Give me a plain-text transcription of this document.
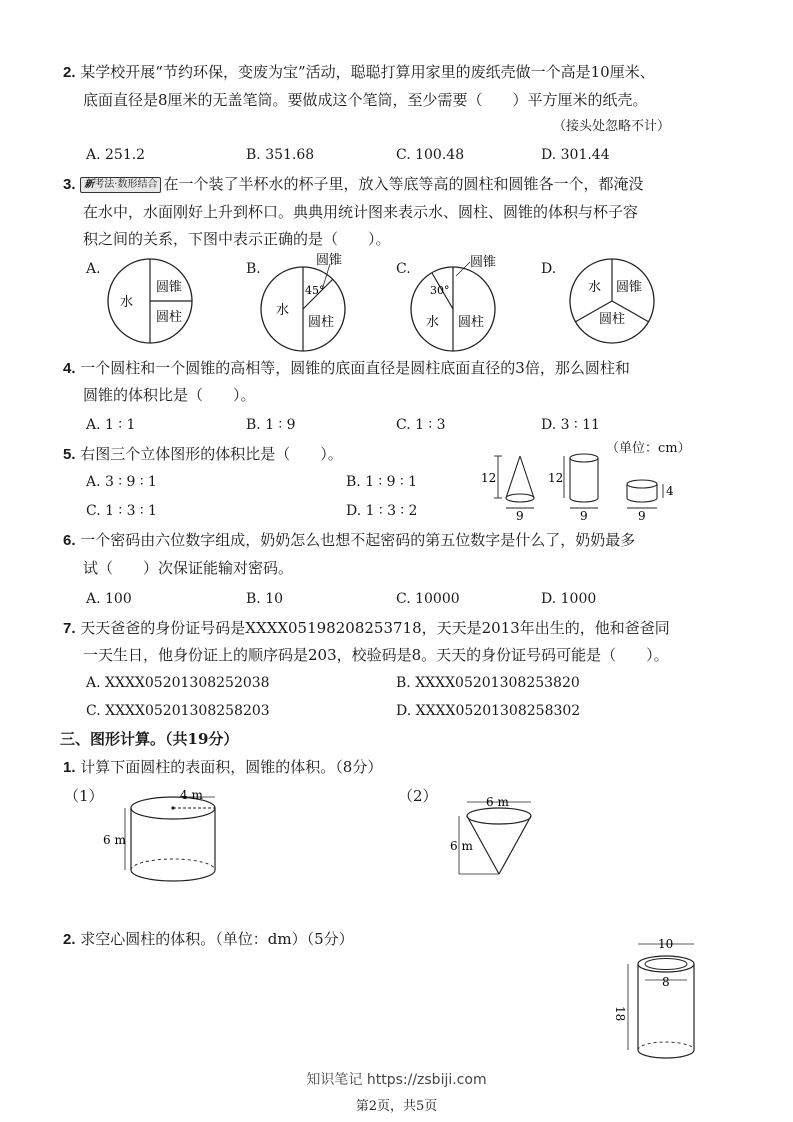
2. 某学校开展“节约环保，变废为宝”活动，聪聪打算用家里的废纸壳做一个高是10厘米、
底面直径是8厘米的无盖笔筒。要做成这个笔筒，至少需要（　　）平方厘米的纸壳。
（接头处忽略不计）
A. 251.2	B. 351.68	C. 100.48	D. 301.44
3. 新考法·数形结合 在一个装了半杯水的杯子里，放入等底等高的圆柱和圆锥各一个，都淹没
在水中，水面刚好上升到杯口。典典用统计图来表示水、圆柱、圆锥的体积与杯子容
积之间的关系，下图中表示正确的是（　　）。
A.	B.	C.	D.
水
圆锥
圆柱
圆锥
45°
水
圆柱
圆锥
30°
水 圆柱
水 圆锥
圆柱
4. 一个圆柱和一个圆锥的高相等，圆锥的底面直径是圆柱底面直径的3倍，那么圆柱和
圆锥的体积比是（　　）。
A. 1 ∶ 1	B. 1 ∶ 9	C. 1 ∶ 3	D. 3 ∶ 11
5. 右图三个立体图形的体积比是（　　）。
A. 3 ∶ 9 ∶ 1	B. 1 ∶ 9 ∶ 1
C. 1 ∶ 3 ∶ 1	D. 1 ∶ 3 ∶ 2
（单位：cm）
12
9
12
9
4
9
6. 一个密码由六位数字组成，奶奶怎么也想不起密码的第五位数字是什么了，奶奶最多
试（　　）次保证能输对密码。
A. 100	B. 10	C. 10000	D. 1000
7. 天天爸爸的身份证号码是XXXX05198208253718，天天是2013年出生的，他和爸爸同
一天生日，他身份证上的顺序码是203，校验码是8。天天的身份证号码可能是（　　）。
A. XXXX05201308252038	B. XXXX05201308253820
C. XXXX05201308258203	D. XXXX05201308258302
三、图形计算。（共19分）
1. 计算下面圆柱的表面积，圆锥的体积。（8分）
（1）	4 m
6 m
（2）	6 m
6 m
2. 求空心圆柱的体积。（单位：dm）（5分）	10
8
18
知识笔记 https://zsbiji.com
第2页，共5页
